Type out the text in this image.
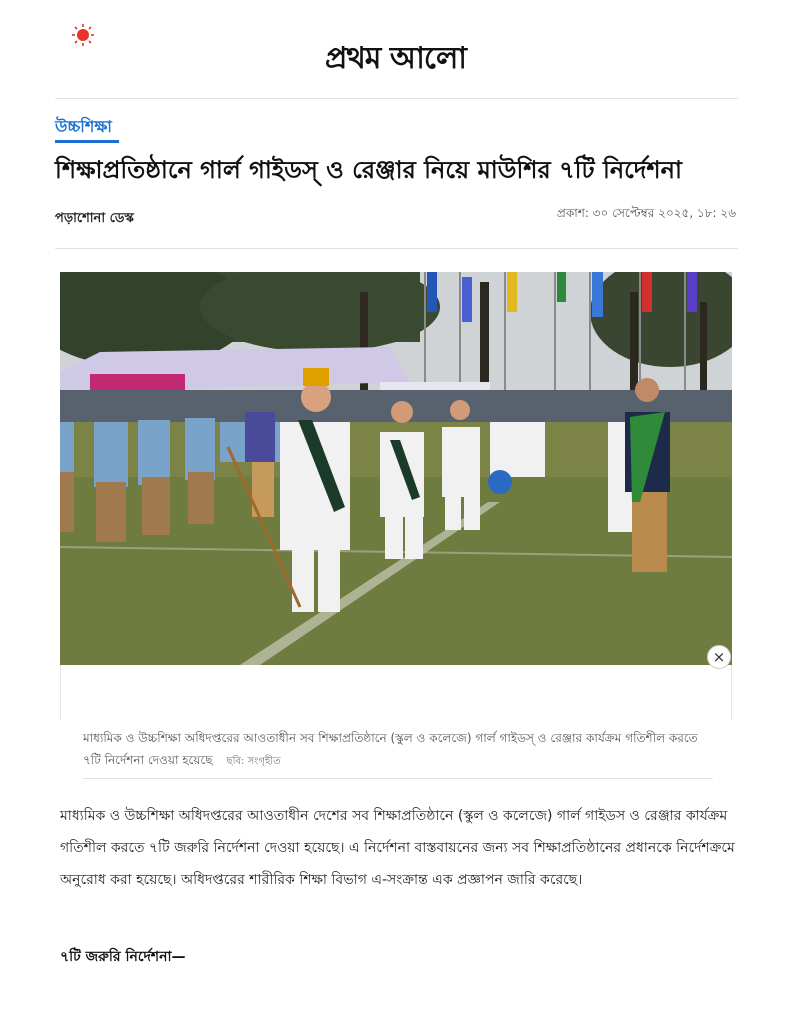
প্রথম আলো
উচ্চশিক্ষা
শিক্ষাপ্রতিষ্ঠানে গার্ল গাইডস্‌ ও রেঞ্জার নিয়ে মাউশির ৭টি নির্দেশনা
পড়াশোনা ডেস্ক	প্রকাশ: ৩০ সেপ্টেম্বর ২০২৫, ১৮: ২৬
×
মাধ্যমিক ও উচ্চশিক্ষা অধিদপ্তরের আওতাধীন সব শিক্ষাপ্রতিষ্ঠানে (স্কুল ও কলেজে) গার্ল গাইডস্‌ ও রেঞ্জার কার্যক্রম গতিশীল করতে ৭টি নির্দেশনা দেওয়া হয়েছে ছবি: সংগৃহীত
মাধ্যমিক ও উচ্চশিক্ষা অধিদপ্তরের আওতাধীন দেশের সব শিক্ষাপ্রতিষ্ঠানে (স্কুল ও কলেজে) গার্ল গাইডস ও রেঞ্জার কার্যক্রম গতিশীল করতে ৭টি জরুরি নির্দেশনা দেওয়া হয়েছে। এ নির্দেশনা বাস্তবায়নের জন্য সব শিক্ষাপ্রতিষ্ঠানের প্রধানকে নির্দেশক্রমে অনুরোধ করা হয়েছে। অধিদপ্তরের শারীরিক শিক্ষা বিভাগ এ-সংক্রান্ত এক প্রজ্ঞাপন জারি করেছে।
৭টি জরুরি নির্দেশনা—
